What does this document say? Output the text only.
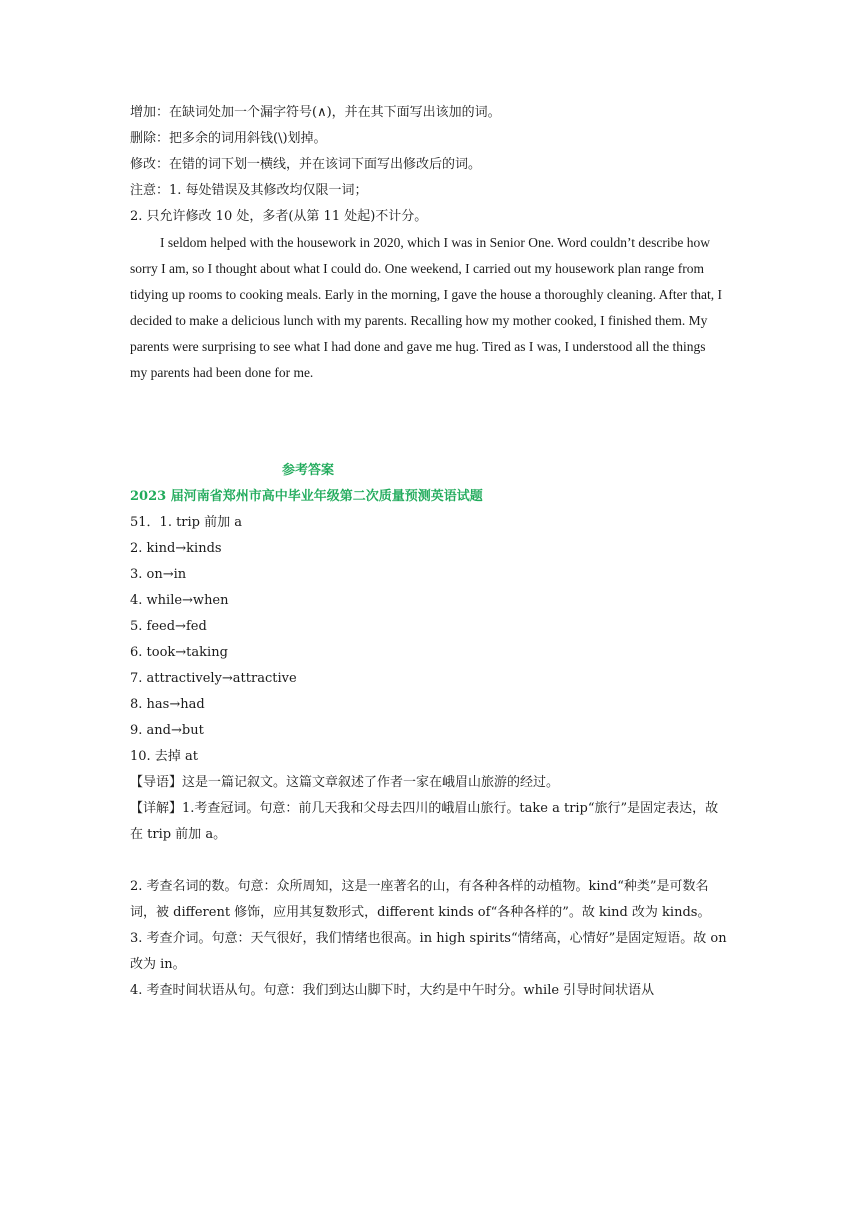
增加：在缺词处加一个漏字符号(∧)，并在其下面写出该加的词。
删除：把多余的词用斜钱(\)划掉。
修改：在错的词下划一横线，并在该词下面写出修改后的词。
注意：1. 每处错误及其修改均仅限一词；
2. 只允许修改 10 处，多者(从第 11 处起)不计分。

I seldom helped with the housework in 2020, which I was in Senior One. Word couldn’t describe how sorry I am, so I thought about what I could do. One weekend, I carried out my housework plan range from tidying up rooms to cooking meals. Early in the morning, I gave the house a thoroughly cleaning. After that, I decided to make a delicious lunch with my parents. Recalling how my mother cooked, I finished them. My parents were surprising to see what I had done and gave me hug. Tired as I was, I understood all the things my parents had been done for me.

参考答案
2023 届河南省郑州市高中毕业年级第二次质量预测英语试题
51．1. trip 前加 a
2. kind→kinds
3. on→in
4. while→when
5. feed→fed
6. took→taking
7. attractively→attractive
8. has→had
9. and→but
10. 去掉 at
【导语】这是一篇记叙文。这篇文章叙述了作者一家在峨眉山旅游的经过。
【详解】1.考查冠词。句意：前几天我和父母去四川的峨眉山旅行。take a trip“旅行”是固定表达，故在 trip 前加 a。
2. 考查名词的数。句意：众所周知，这是一座著名的山，有各种各样的动植物。kind“种类”是可数名词，被 different 修饰，应用其复数形式，different kinds of“各种各样的”。故 kind 改为 kinds。
3. 考查介词。句意：天气很好，我们情绪也很高。in high spirits“情绪高，心情好”是固定短语。故 on 改为 in。
4. 考查时间状语从句。句意：我们到达山脚下时，大约是中午时分。while 引导时间状语从
